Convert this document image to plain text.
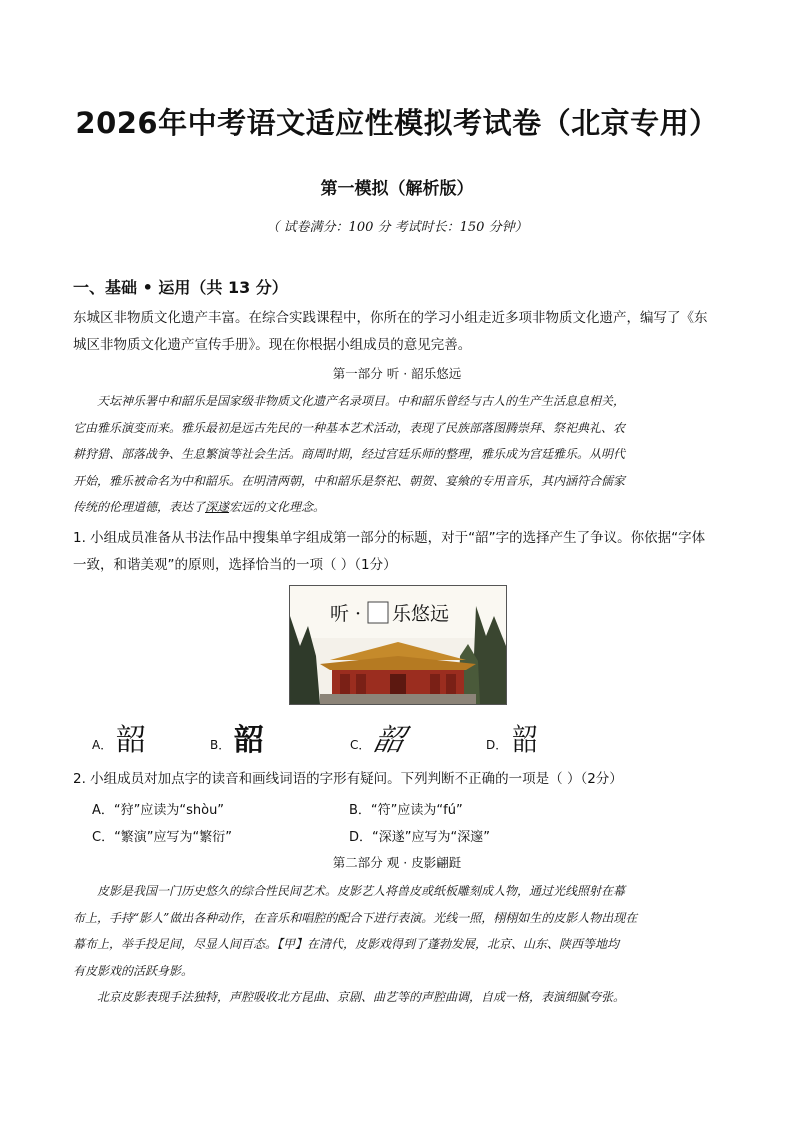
2026年中考语文适应性模拟考试卷（北京专用）
第一模拟（解析版）
（ 试卷满分：100 分 考试时长：150 分钟）
一、基础 • 运用（共 13 分）
东城区非物质文化遗产丰富。在综合实践课程中，你所在的学习小组走近多项非物质文化遗产，编写了《东
城区非物质文化遗产宣传手册》。现在你根据小组成员的意见完善。
第一部分 听 · 韶乐悠远
天坛神乐署中和韶乐是国家级非物质文化遗产名录项目。中和韶乐曾经与古人的生产生活息息相关，
它由雅乐演变而来。雅乐最初是远古先民的一种基本艺术活动，表现了民族部落图腾崇拜、祭祀典礼、农
耕狩猎、部落战争、生息繁演等社会生活。商周时期，经过宫廷乐师的整理，雅乐成为宫廷雅乐。从明代
开始，雅乐被命名为中和韶乐。在明清两朝，中和韶乐是祭祀、朝贺、宴飨的专用音乐，其内涵符合儒家
传统的伦理道德，表达了深遂宏远的文化理念。
1. 小组成员准备从书法作品中搜集单字组成第一部分的标题，对于“韶”字的选择产生了争议。你依据“字体
一致，和谐美观”的原则，选择恰当的一项（ ）（1分）
听 · 乐悠远
A． 韶	B． 韶	C． 韶	D． 韶
2. 小组成员对加点字的读音和画线词语的字形有疑问。下列判断不正确的一项是（ ）（2分）
A．“狩”应读为“shòu”	B．“符”应读为“fú”
C．“繁演”应写为“繁衍”	D．“深遂”应写为“深邃”
第二部分 观 · 皮影翩跹
皮影是我国一门历史悠久的综合性民间艺术。皮影艺人将兽皮或纸板雕刻成人物，通过光线照射在幕
布上，手持“影人”做出各种动作，在音乐和唱腔的配合下进行表演。光线一照，栩栩如生的皮影人物出现在
幕布上，举手投足间，尽显人间百态。【甲】在清代，皮影戏得到了蓬勃发展，北京、山东、陕西等地均
有皮影戏的活跃身影。
北京皮影表现手法独特，声腔吸收北方昆曲、京剧、曲艺等的声腔曲调，自成一格，表演细腻夸张。
